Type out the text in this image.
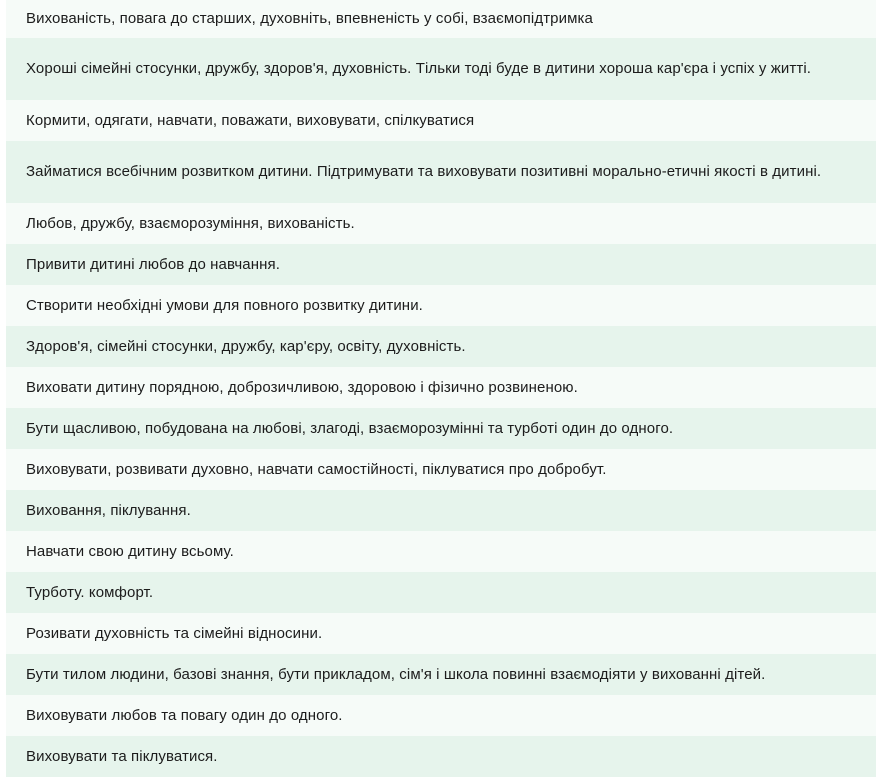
Вихованість, повага до старших, духовніть, впевненість у собі, взаємопідтримка
Хороші сімейні стосунки, дружбу, здоров'я, духовність. Тільки тоді буде в дитини хороша кар'єра і успіх у житті.
Кормити, одягати, навчати, поважати, виховувати, спілкуватися
Займатися всебічним розвитком дитини. Підтримувати та виховувати позитивні морально-етичні якості в дитині.
Любов, дружбу, взаєморозуміння, вихованість.
Привити дитині любов до навчання.
Створити необхідні умови для повного розвитку дитини.
Здоров'я, сімейні стосунки, дружбу, кар'єру, освіту, духовність.
Виховати дитину порядною, доброзичливою, здоровою і фізично розвиненою.
Бути щасливою, побудована на любові, злагоді, взаєморозумінні та турботі один до одного.
Виховувати, розвивати духовно, навчати самостійності, піклуватися про добробут.
Виховання, піклування.
Навчати свою дитину всьому.
Турботу. комфорт.
Розивати духовність та сімейні відносини.
Бути тилом людини, базові знання, бути прикладом, сім'я і школа повинні взаємодіяти у вихованні дітей.
Виховувати любов та повагу один до одного.
Виховувати та піклуватися.
